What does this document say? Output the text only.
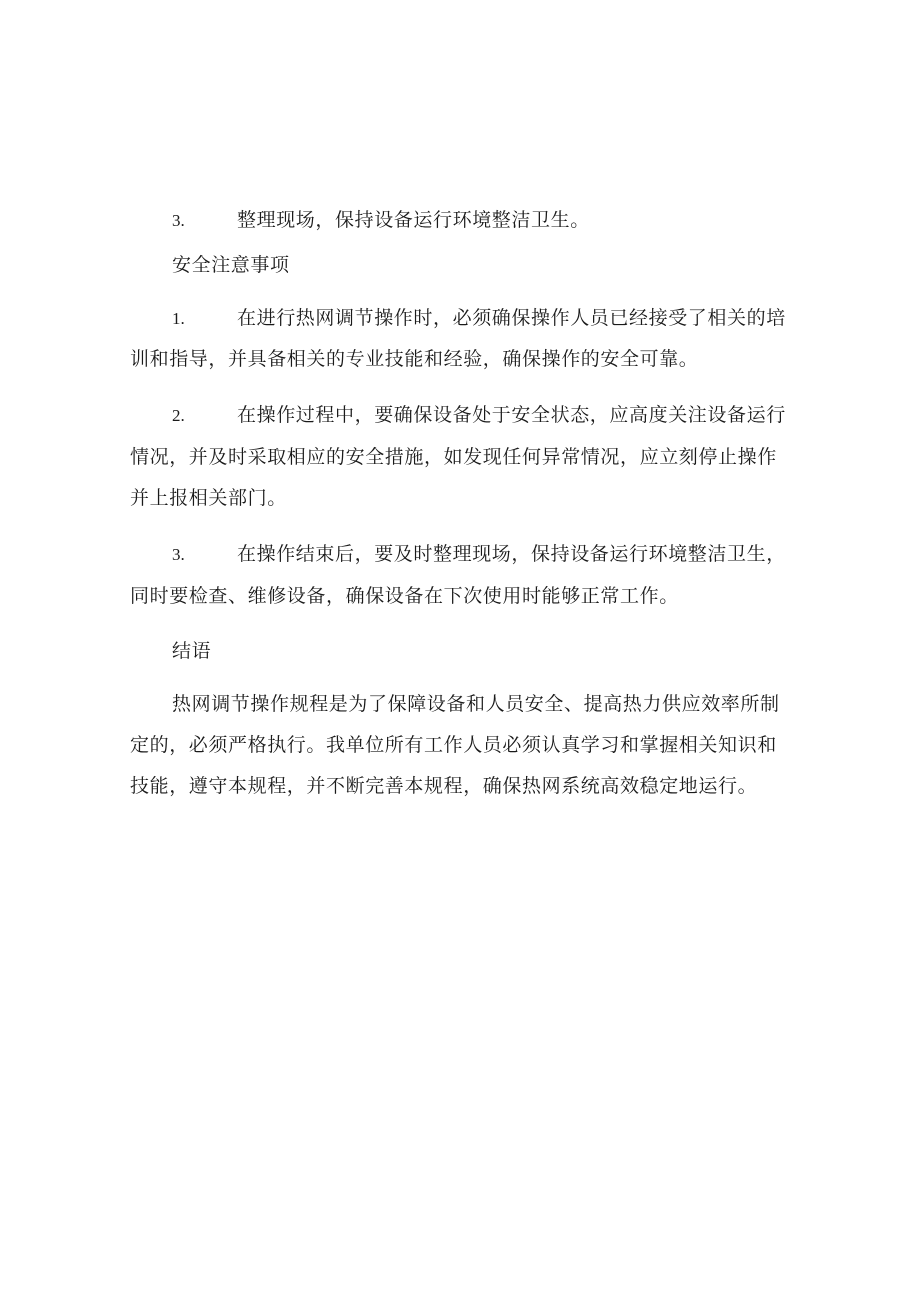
3.	整理现场，保持设备运行环境整洁卫生。
安全注意事项
1.	在进行热网调节操作时，必须确保操作人员已经接受了相关的培
训和指导，并具备相关的专业技能和经验，确保操作的安全可靠。
2.	在操作过程中，要确保设备处于安全状态，应高度关注设备运行
情况，并及时采取相应的安全措施，如发现任何异常情况，应立刻停止操作
并上报相关部门。
3.	在操作结束后，要及时整理现场，保持设备运行环境整洁卫生，
同时要检查、维修设备，确保设备在下次使用时能够正常工作。
结语
热网调节操作规程是为了保障设备和人员安全、提高热力供应效率所制
定的，必须严格执行。我单位所有工作人员必须认真学习和掌握相关知识和
技能，遵守本规程，并不断完善本规程，确保热网系统高效稳定地运行。
